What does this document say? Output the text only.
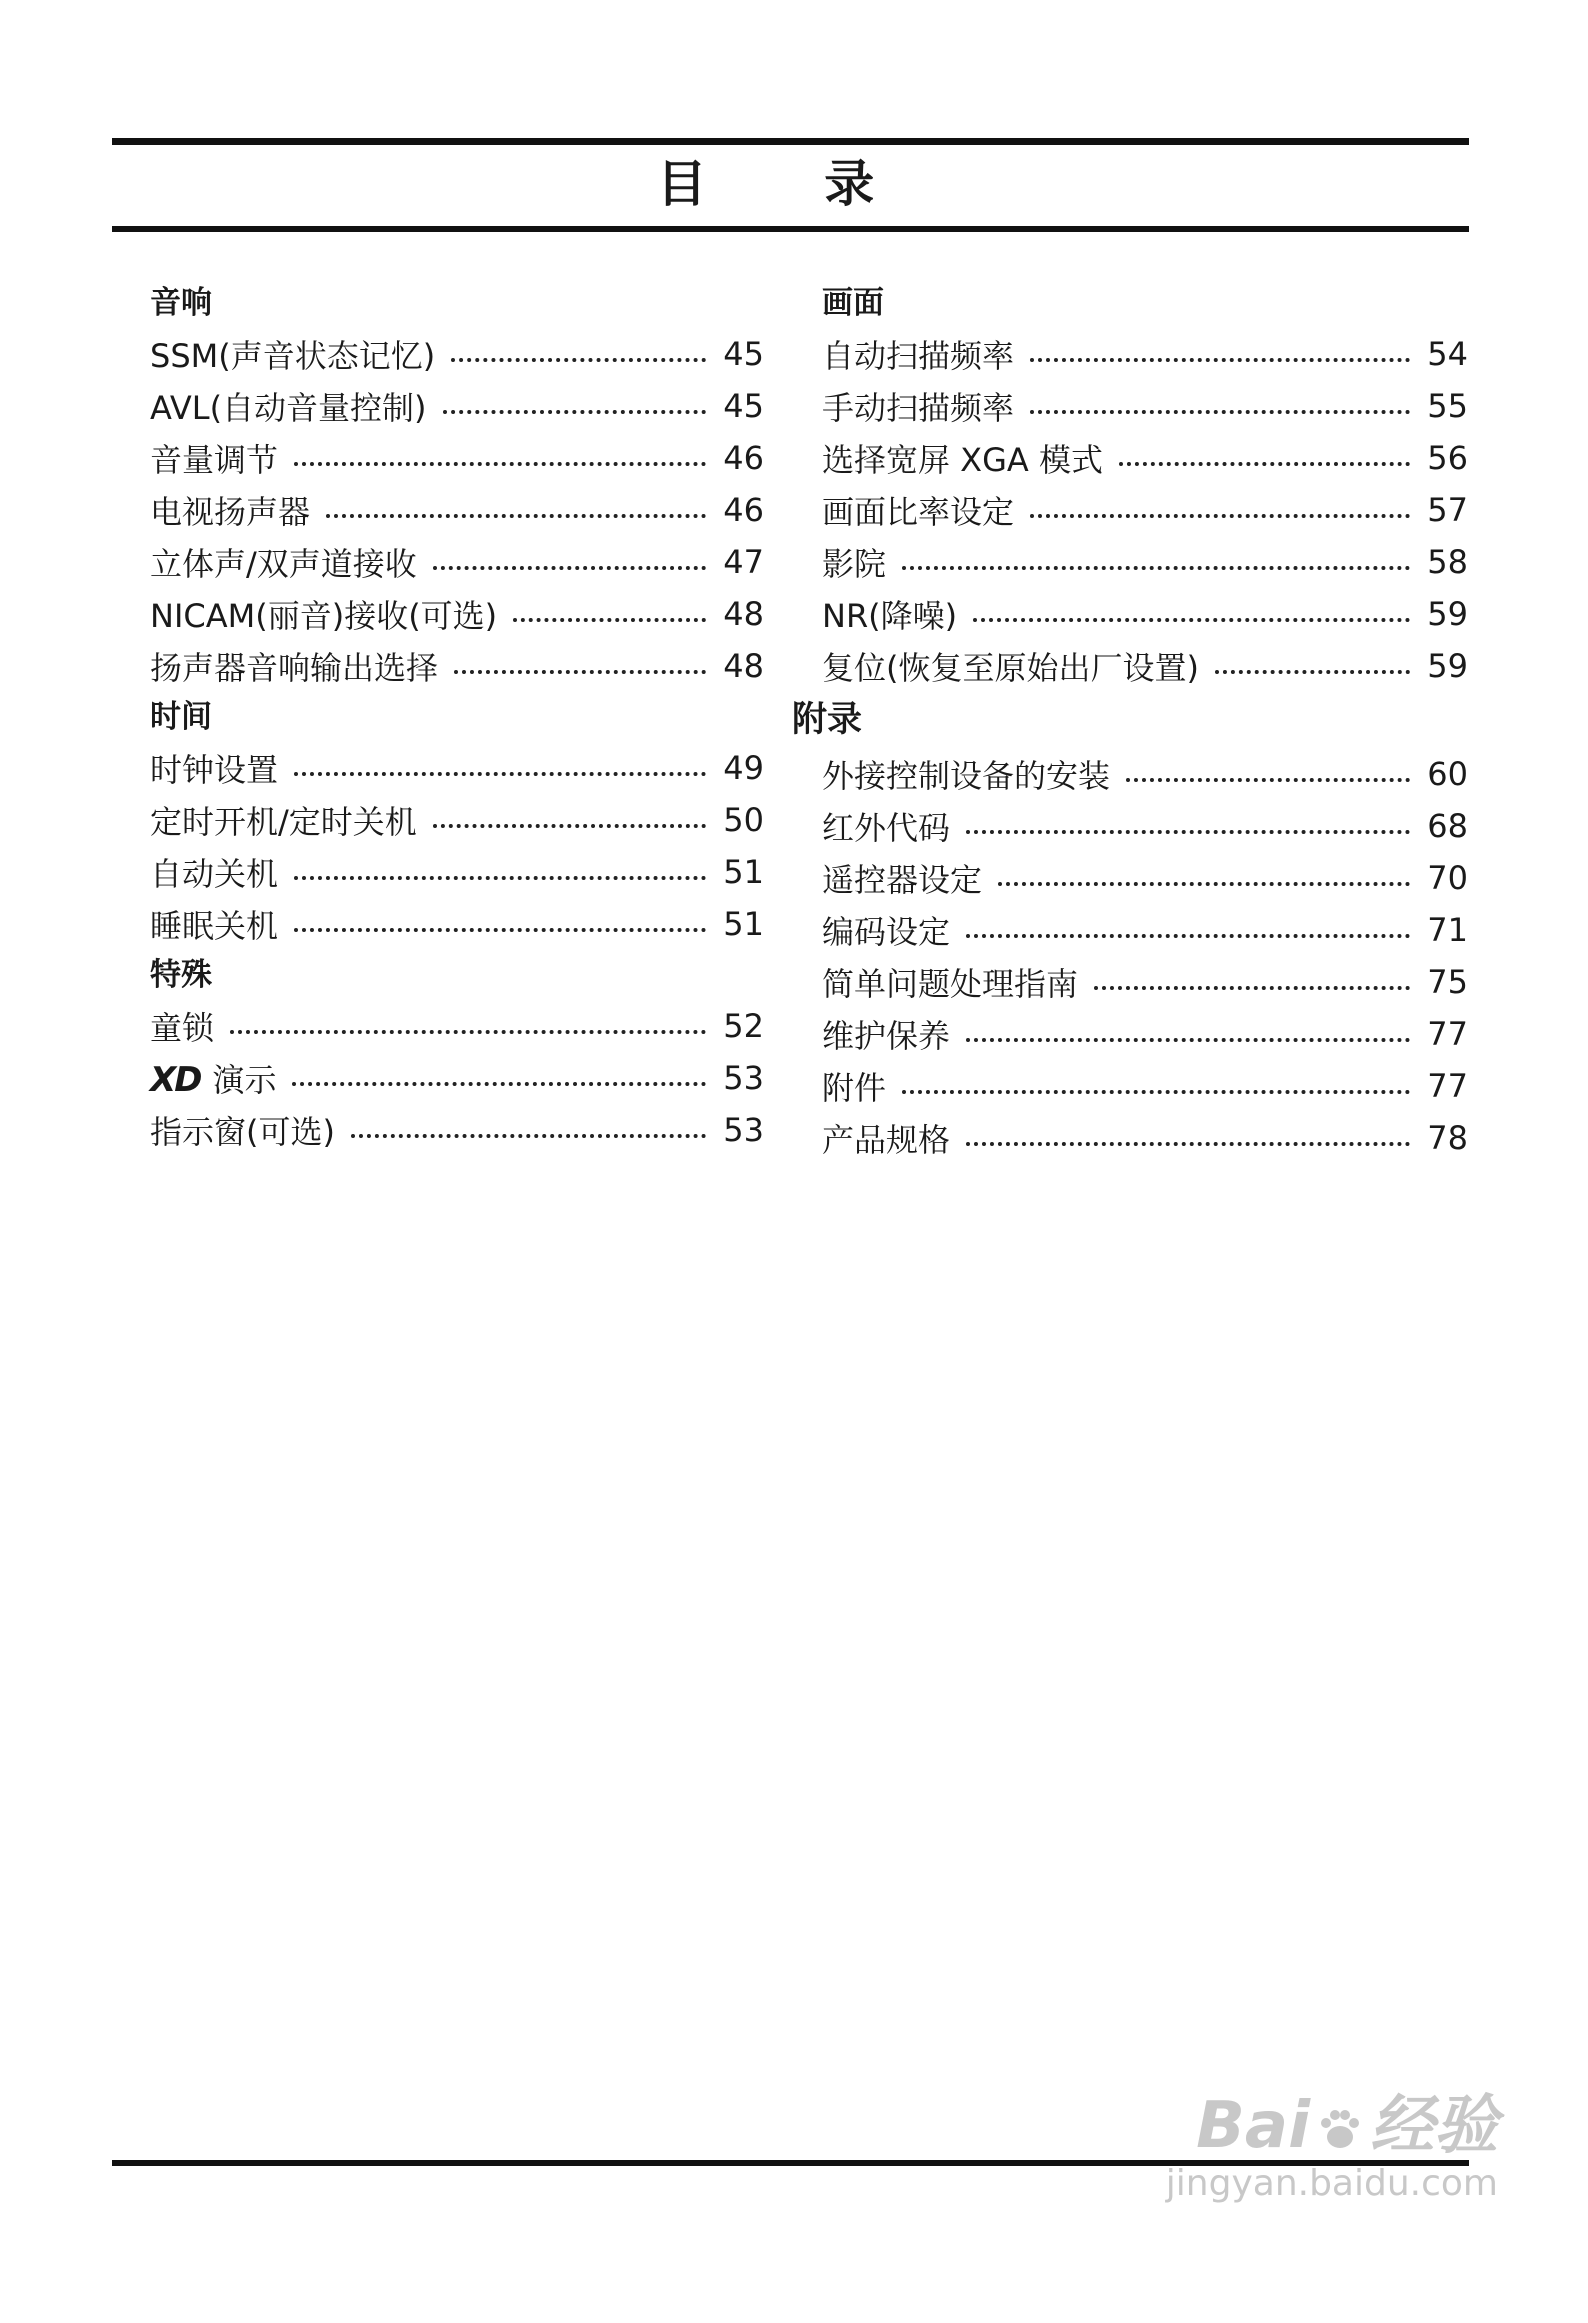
目 录
音响
SSM(声音状态记忆)	45
AVL(自动音量控制)	45
音量调节	46
电视扬声器	46
立体声/双声道接收	47
NICAM(丽音)接收(可选)	48
扬声器音响输出选择	48
时间
时钟设置	49
定时开机/定时关机	50
自动关机	51
睡眠关机	51
特殊
童锁	52
XD 演示	53
指示窗(可选)	53
画面
自动扫描频率	54
手动扫描频率	55
选择宽屏 XGA 模式	56
画面比率设定	57
影院	58
NR(降噪)	59
复位(恢复至原始出厂设置)	59
附录
外接控制设备的安装	60
红外代码	68
遥控器设定	70
编码设定	71
简单问题处理指南	75
维护保养	77
附件	77
产品规格	78
Bai 经验
jingyan.baidu.com
